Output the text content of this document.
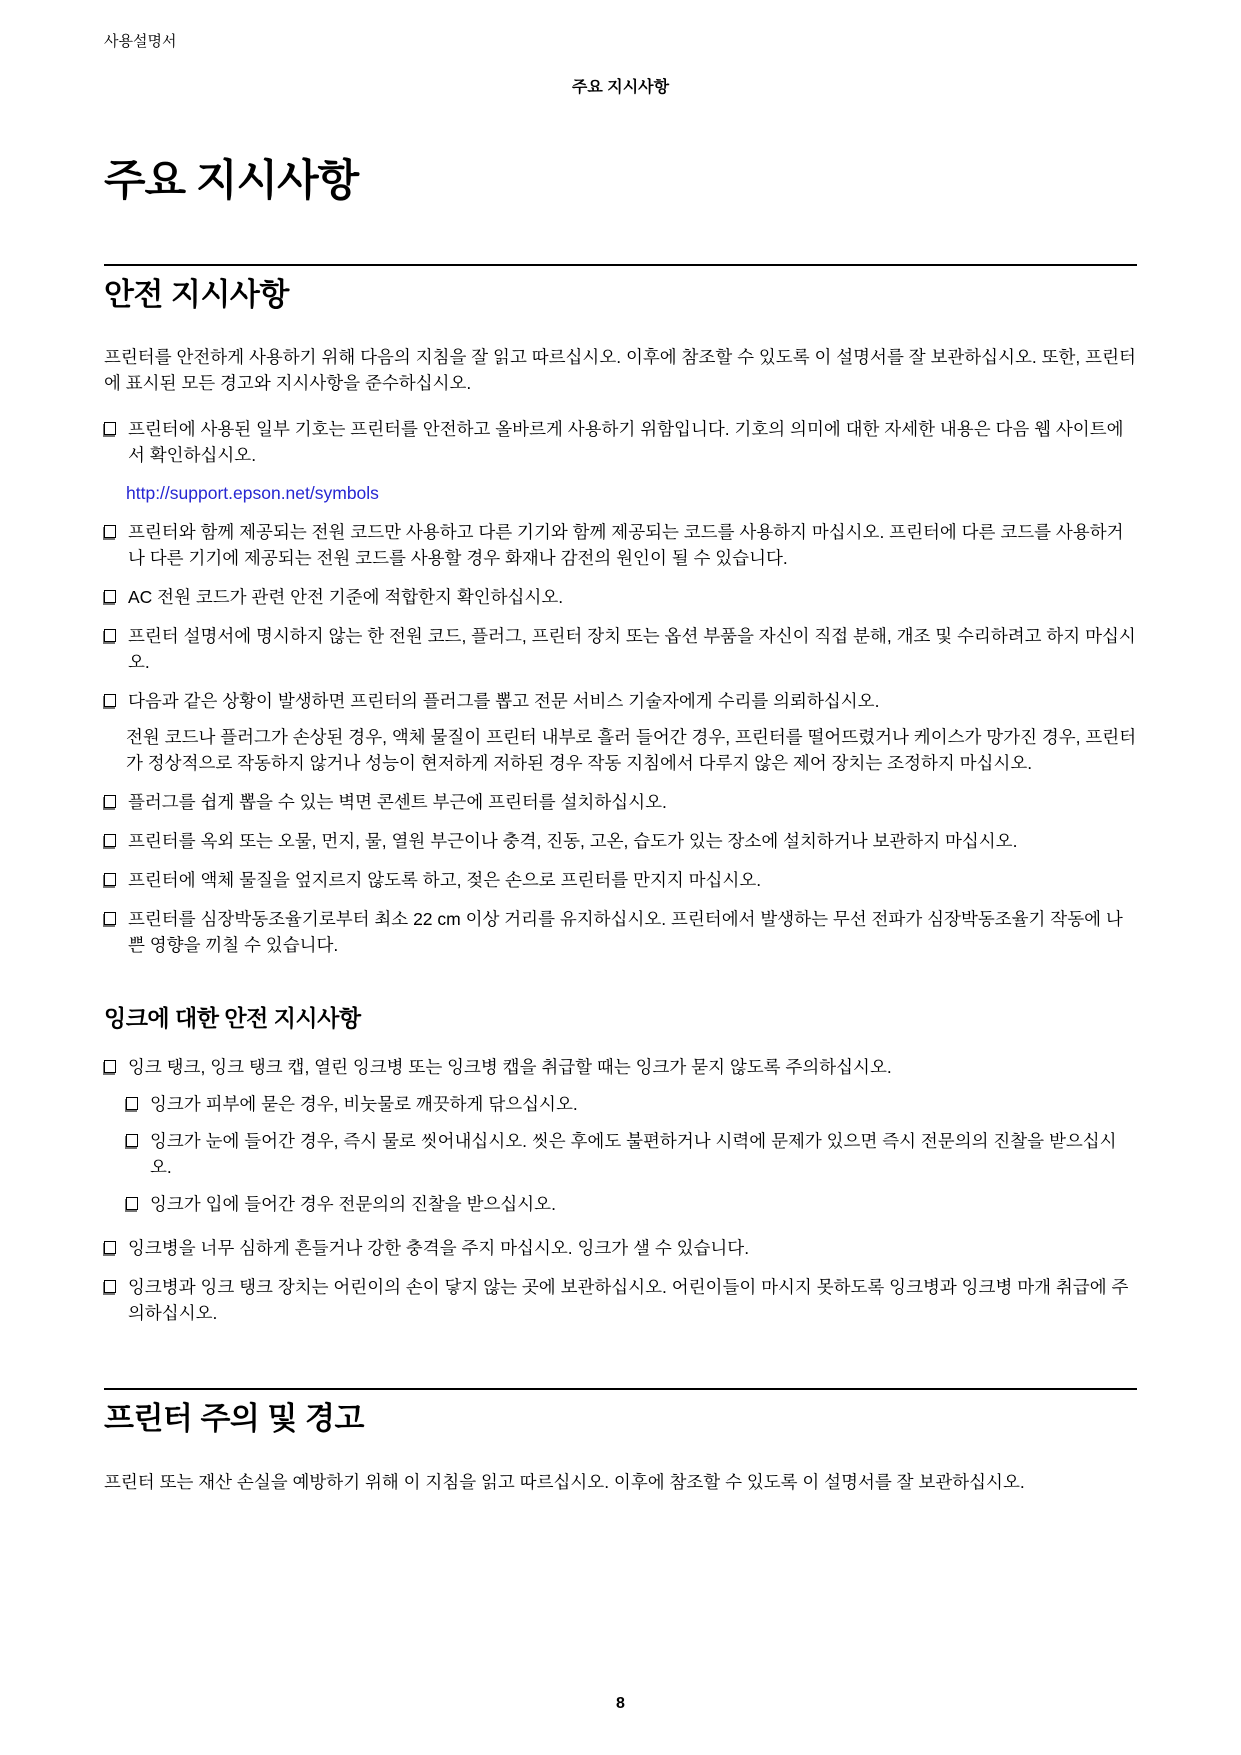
사용설명서
주요 지시사항
주요 지시사항
안전 지시사항

프린터를 안전하게 사용하기 위해 다음의 지침을 잘 읽고 따르십시오. 이후에 참조할 수 있도록 이 설명서를 잘 보관하십시오. 또한, 프린터에 표시된 모든 경고와 지시사항을 준수하십시오.

프린터에 사용된 일부 기호는 프린터를 안전하고 올바르게 사용하기 위함입니다. 기호의 의미에 대한 자세한 내용은 다음 웹 사이트에서 확인하십시오.
http://support.epson.net/symbols
프린터와 함께 제공되는 전원 코드만 사용하고 다른 기기와 함께 제공되는 코드를 사용하지 마십시오. 프린터에 다른 코드를 사용하거나 다른 기기에 제공되는 전원 코드를 사용할 경우 화재나 감전의 원인이 될 수 있습니다.
AC 전원 코드가 관련 안전 기준에 적합한지 확인하십시오.
프린터 설명서에 명시하지 않는 한 전원 코드, 플러그, 프린터 장치 또는 옵션 부품을 자신이 직접 분해, 개조 및 수리하려고 하지 마십시오.
다음과 같은 상황이 발생하면 프린터의 플러그를 뽑고 전문 서비스 기술자에게 수리를 의뢰하십시오.

전원 코드나 플러그가 손상된 경우, 액체 물질이 프린터 내부로 흘러 들어간 경우, 프린터를 떨어뜨렸거나 케이스가 망가진 경우, 프린터가 정상적으로 작동하지 않거나 성능이 현저하게 저하된 경우 작동 지침에서 다루지 않은 제어 장치는 조정하지 마십시오.

플러그를 쉽게 뽑을 수 있는 벽면 콘센트 부근에 프린터를 설치하십시오.
프린터를 옥외 또는 오물, 먼지, 물, 열원 부근이나 충격, 진동, 고온, 습도가 있는 장소에 설치하거나 보관하지 마십시오.
프린터에 액체 물질을 엎지르지 않도록 하고, 젖은 손으로 프린터를 만지지 마십시오.
프린터를 심장박동조율기로부터 최소 22 cm 이상 거리를 유지하십시오. 프린터에서 발생하는 무선 전파가 심장박동조율기 작동에 나쁜 영향을 끼칠 수 있습니다.
잉크에 대한 안전 지시사항
잉크 탱크, 잉크 탱크 캡, 열린 잉크병 또는 잉크병 캡을 취급할 때는 잉크가 묻지 않도록 주의하십시오.
잉크가 피부에 묻은 경우, 비눗물로 깨끗하게 닦으십시오.
잉크가 눈에 들어간 경우, 즉시 물로 씻어내십시오. 씻은 후에도 불편하거나 시력에 문제가 있으면 즉시 전문의의 진찰을 받으십시오.
잉크가 입에 들어간 경우 전문의의 진찰을 받으십시오.
잉크병을 너무 심하게 흔들거나 강한 충격을 주지 마십시오. 잉크가 샐 수 있습니다.
잉크병과 잉크 탱크 장치는 어린이의 손이 닿지 않는 곳에 보관하십시오. 어린이들이 마시지 못하도록 잉크병과 잉크병 마개 취급에 주의하십시오.
프린터 주의 및 경고

프린터 또는 재산 손실을 예방하기 위해 이 지침을 읽고 따르십시오. 이후에 참조할 수 있도록 이 설명서를 잘 보관하십시오.

8
